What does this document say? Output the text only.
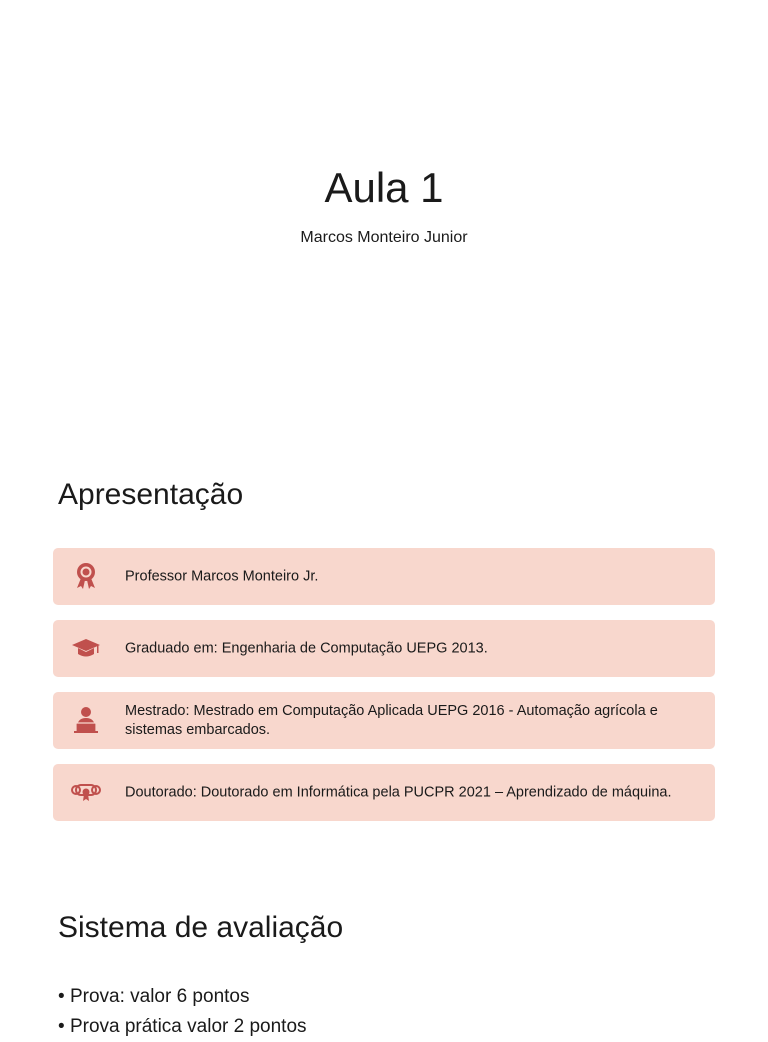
Aula 1

Marcos Monteiro Junior

Apresentação
Professor Marcos Monteiro Jr.
Graduado em: Engenharia de Computação UEPG 2013.
Mestrado: Mestrado em Computação Aplicada UEPG 2016 - Automação agrícola e sistemas embarcados.
Doutorado: Doutorado em Informática pela PUCPR 2021 – Aprendizado de máquina.
Sistema de avaliação
• Prova: valor 6 pontos
• Prova prática valor 2 pontos
